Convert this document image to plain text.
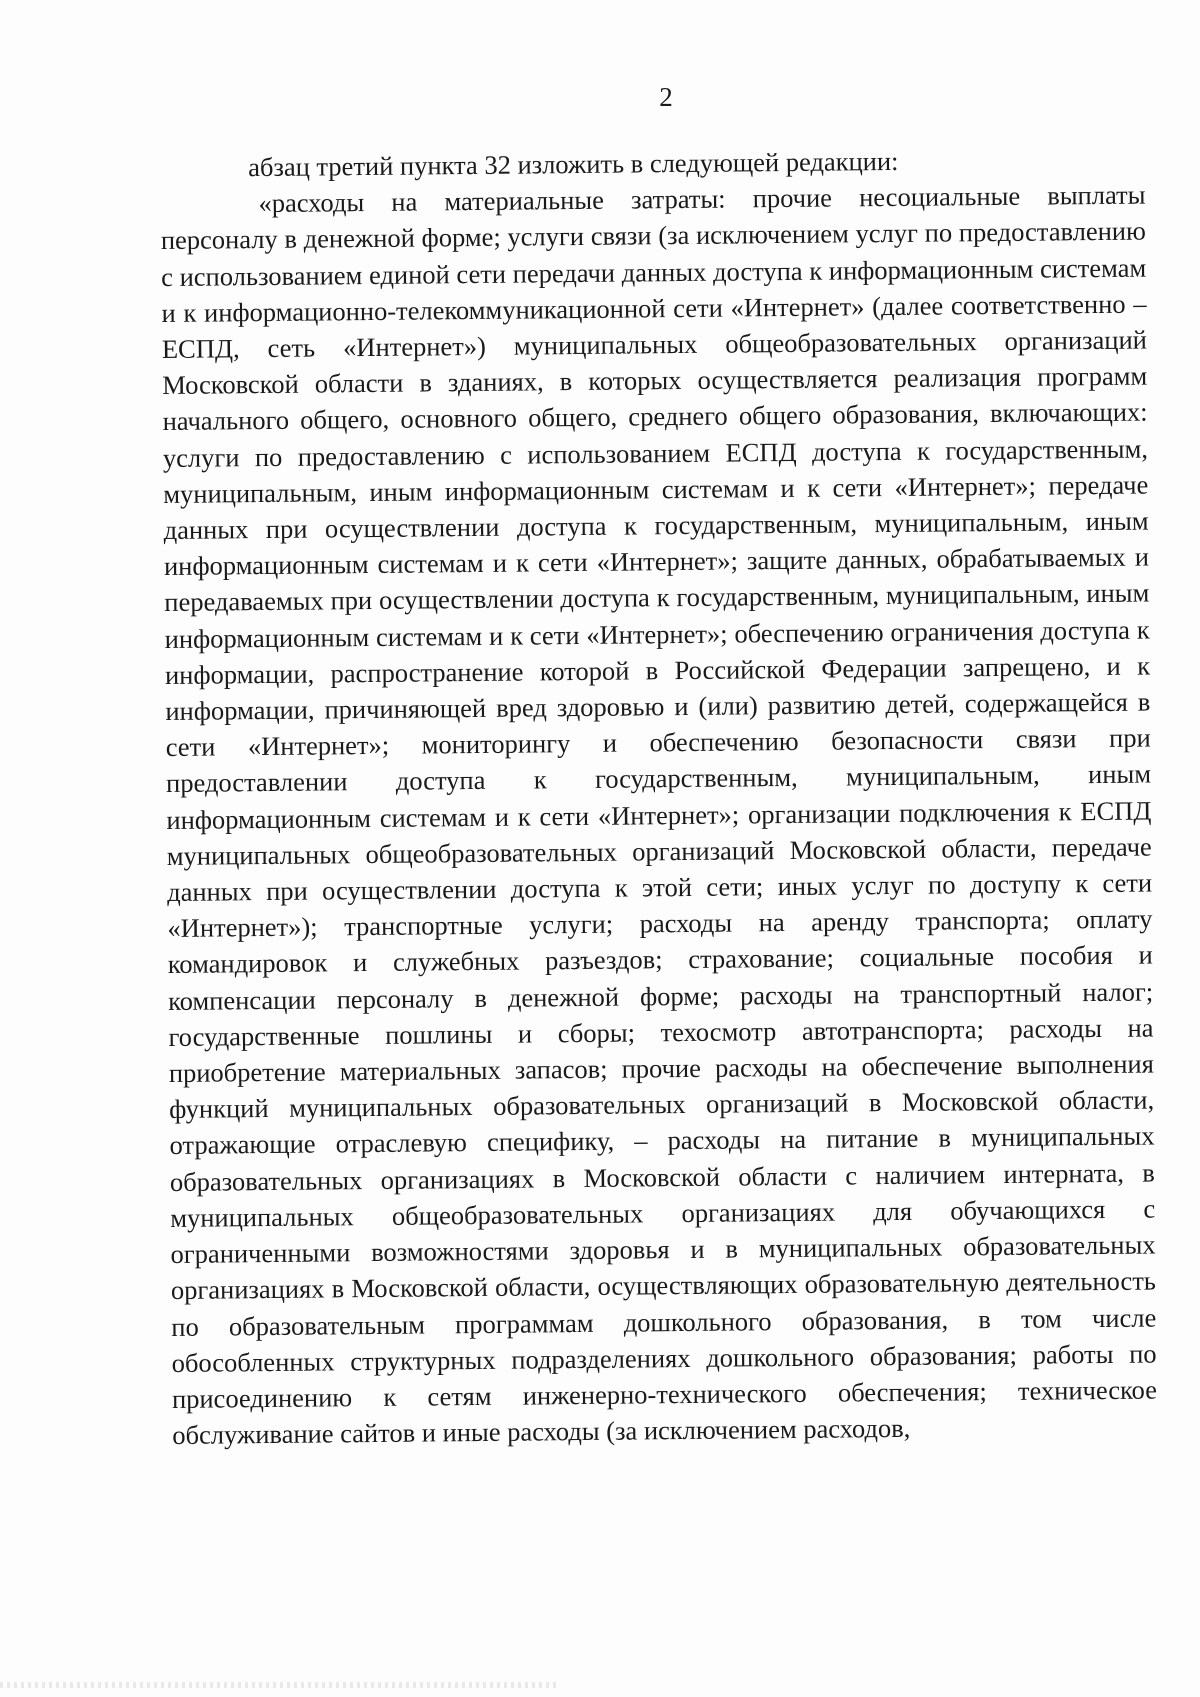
2

абзац третий пункта 32 изложить в следующей редакции:

«расходы на материальные затраты: прочие несоциальные выплаты персоналу в денежной форме; услуги связи (за исключением услуг по предоставлению с использованием единой сети передачи данных доступа к информационным системам и к информационно-телекоммуникационной сети «Интернет» (далее соответственно – ЕСПД, сеть «Интернет») муниципальных общеобразовательных организаций Московской области в зданиях, в которых осуществляется реализация программ начального общего, основного общего, среднего общего образования, включающих: услуги по предоставлению с использованием ЕСПД доступа к государственным, муниципальным, иным информационным системам и к сети «Интернет»; передаче данных при осуществлении доступа к государственным, муниципальным, иным информационным системам и к сети «Интернет»; защите данных, обрабатываемых и передаваемых при осуществлении доступа к государственным, муниципальным, иным информационным системам и к сети «Интернет»; обеспечению ограничения доступа к информации, распространение которой в Российской Федерации запрещено, и к информации, причиняющей вред здоровью и (или) развитию детей, содержащейся в сети «Интернет»; мониторингу и обеспечению безопасности связи при предоставлении доступа к государственным, муниципальным, иным информационным системам и к сети «Интернет»; организации подключения к ЕСПД муниципальных общеобразовательных организаций Московской области, передаче данных при осуществлении доступа к этой сети; иных услуг по доступу к сети «Интернет»); транспортные услуги; расходы на аренду транспорта; оплату командировок и служебных разъездов; страхование; социальные пособия и компенсации персоналу в денежной форме; расходы на транспортный налог; государственные пошлины и сборы; техосмотр автотранспорта; расходы на приобретение материальных запасов; прочие расходы на обеспечение выполнения функций муниципальных образовательных организаций в Московской области, отражающие отраслевую специфику, – расходы на питание в муниципальных образовательных организациях в Московской области с наличием интерната, в муниципальных общеобразовательных организациях для обучающихся с ограниченными возможностями здоровья и в муниципальных образовательных организациях в Московской области, осуществляющих образовательную деятельность по образовательным программам дошкольного образования, в том числе обособленных структурных подразделениях дошкольного образования; работы по присоединению к сетям инженерно-технического обеспечения; техническое обслуживание сайтов и иные расходы (за исключением расходов,
